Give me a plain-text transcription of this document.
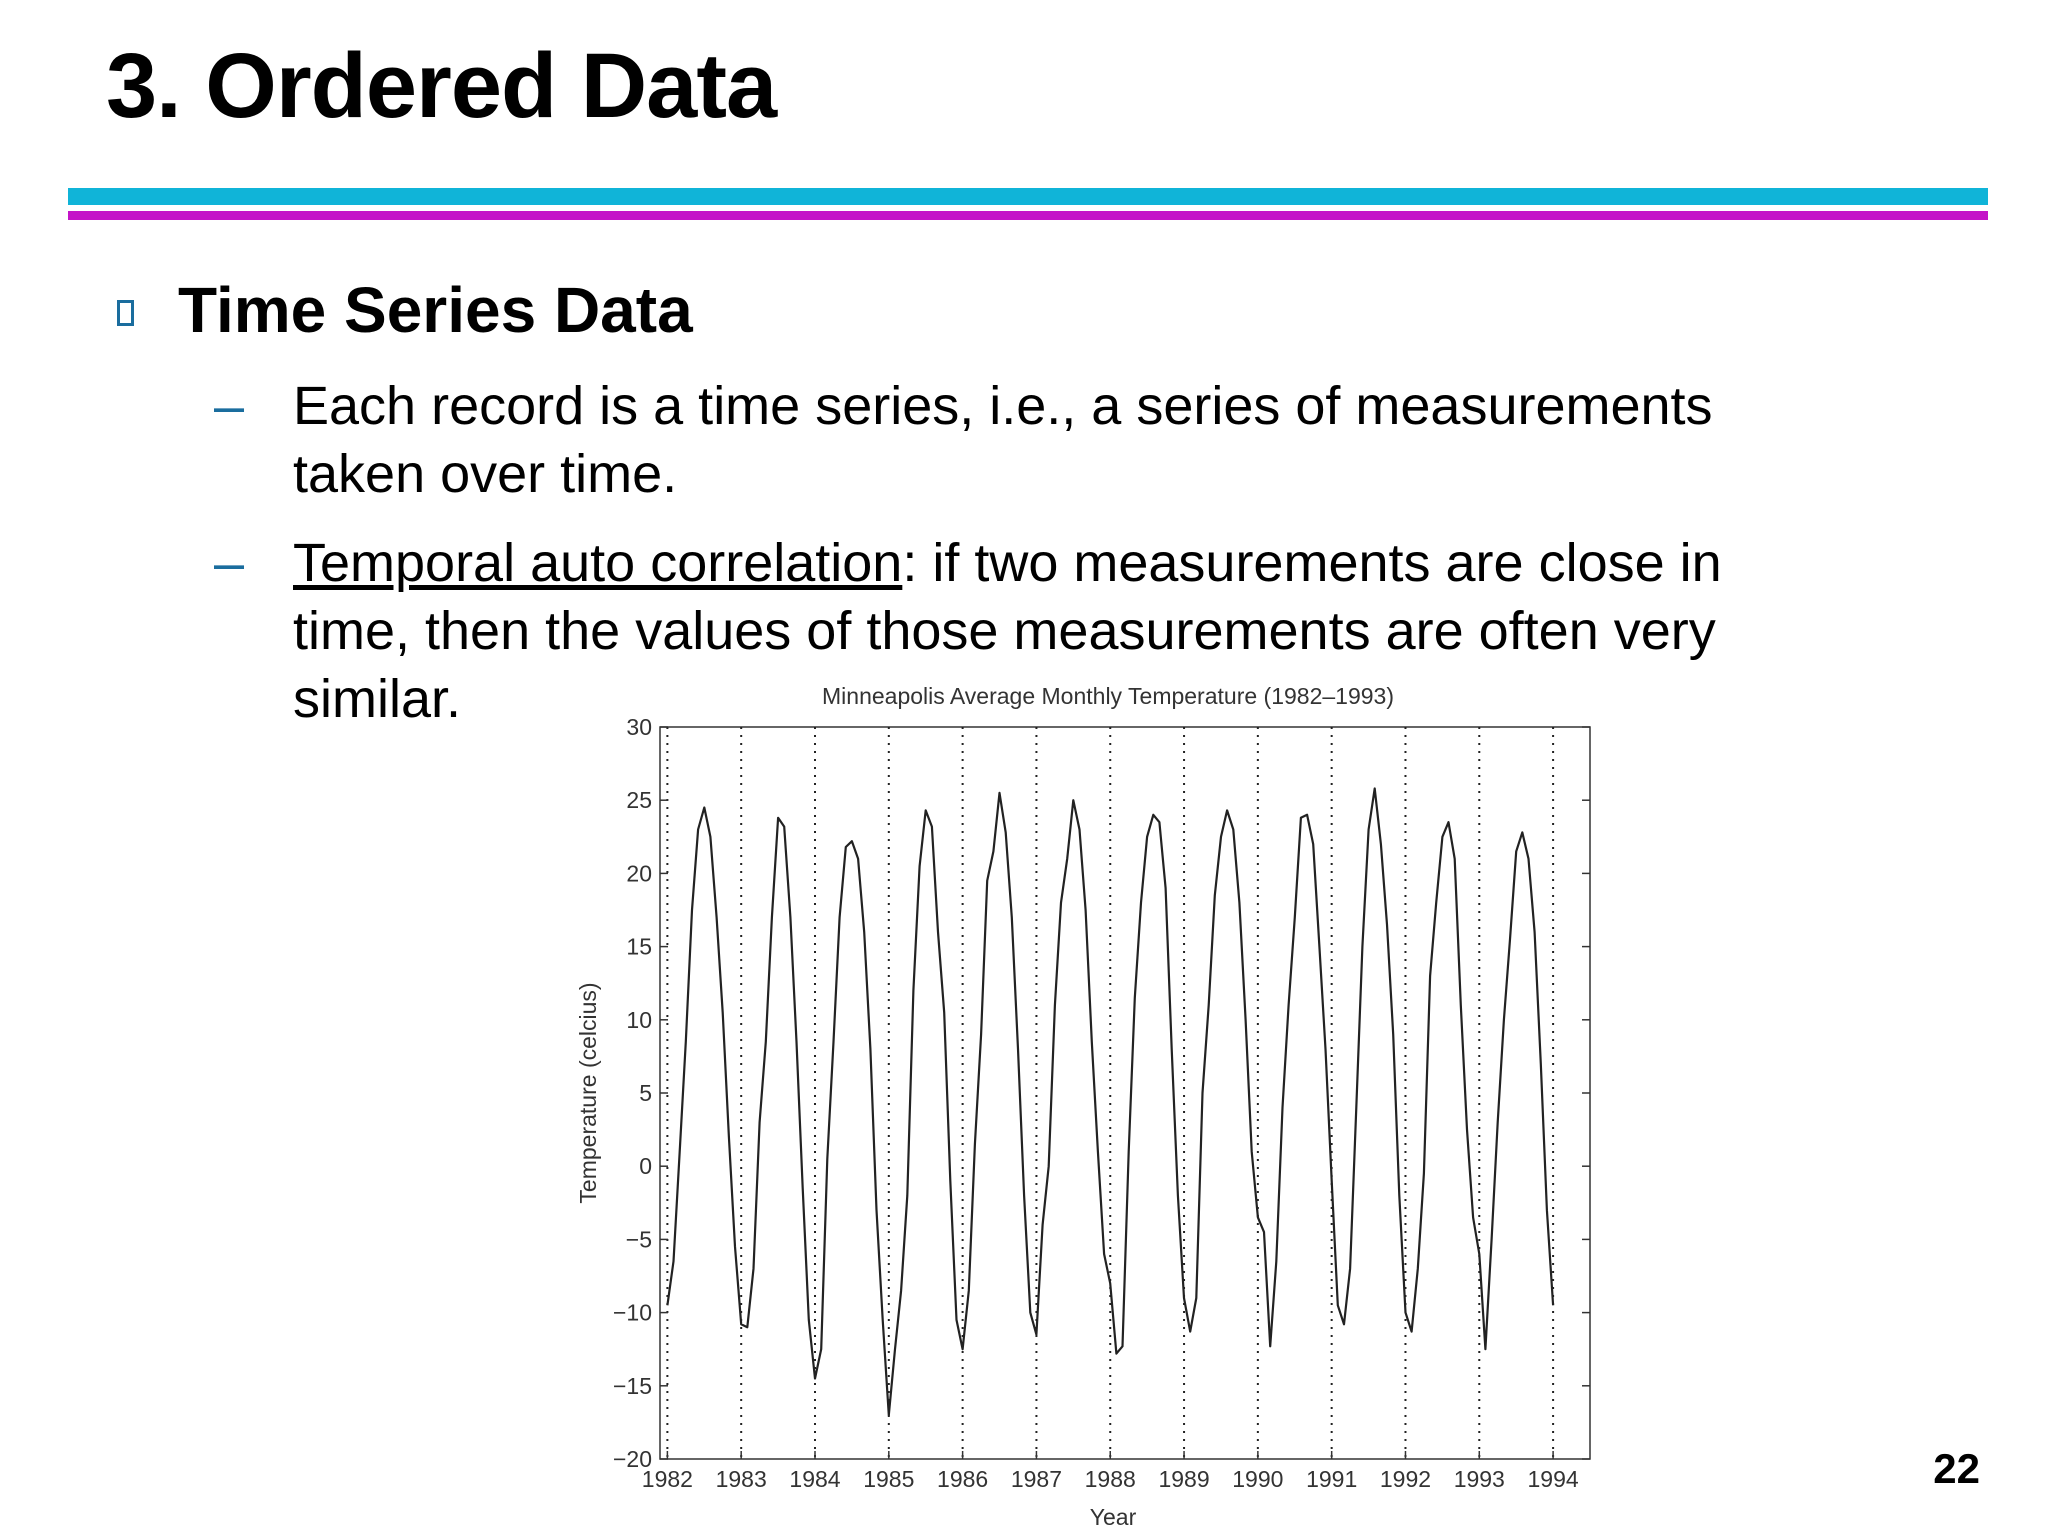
3. Ordered Data
Time Series Data
– Each record is a time series, i.e., a series of measurements taken over time.

– Temporal auto correlation: if two measurements are close in time, then the values of those measurements are often very similar.	Minneapolis Average Monthly Temperature (1982–1993)
30
25
20
15
10
5
0
−5
−10
−15
−20
1982 1983 1984 1985 1986 1987 1988 1989 1990 1991 1992 1993 1994
Year
Temperature (celcius)
22
